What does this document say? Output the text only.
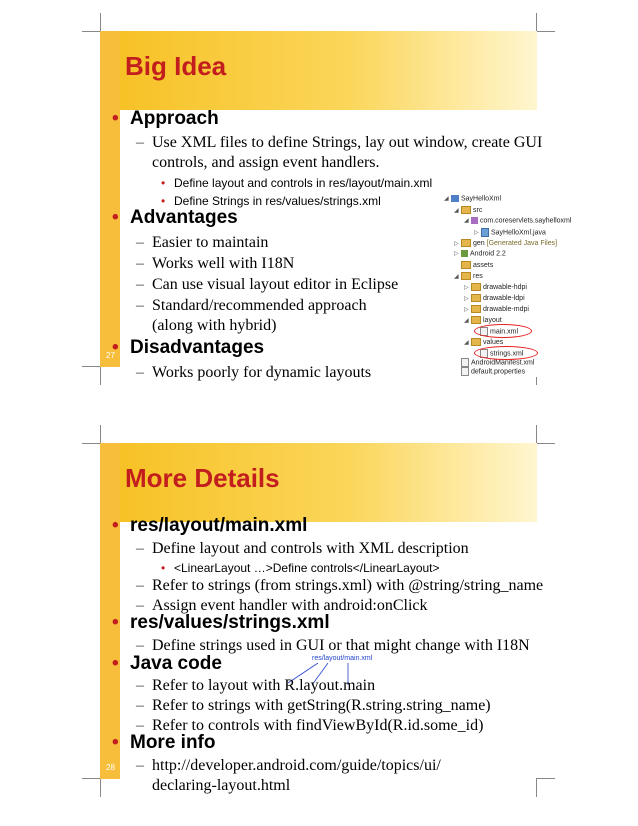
27
Big Idea
• Approach
– Use XML files to define Strings, lay out window, create GUI
controls, and assign event handlers.
• Define layout and controls in res/layout/main.xml
• Define Strings in res/values/strings.xml
• Advantages
– Easier to maintain
– Works well with I18N
– Can use visual layout editor in Eclipse
– Standard/recommended approach
(along with hybrid)
• Disadvantages
– Works poorly for dynamic layouts
◢ SayHelloXml
◢ src
◢ com.coreservlets.sayhelloxml
▷ SayHelloXml.java
▷ gen [Generated Java Files]
▷ Android 2.2
assets
◢ res
▷ drawable-hdpi
▷ drawable-ldpi
▷ drawable-mdpi
◢ layout
main.xml
◢ values
strings.xml
AndroidManifest.xml
default.properties
28
More Details
• res/layout/main.xml
– Define layout and controls with XML description
• <LinearLayout …>Define controls</LinearLayout>
– Refer to strings (from strings.xml) with @string/string_name
– Assign event handler with android:onClick
• res/values/strings.xml
– Define strings used in GUI or that might change with I18N
• Java code	res/layout/main.xml
– Refer to layout with R.layout.main
– Refer to strings with getString(R.string.string_name)
– Refer to controls with findViewById(R.id.some_id)
• More info
– http://developer.android.com/guide/topics/ui/
declaring-layout.html
